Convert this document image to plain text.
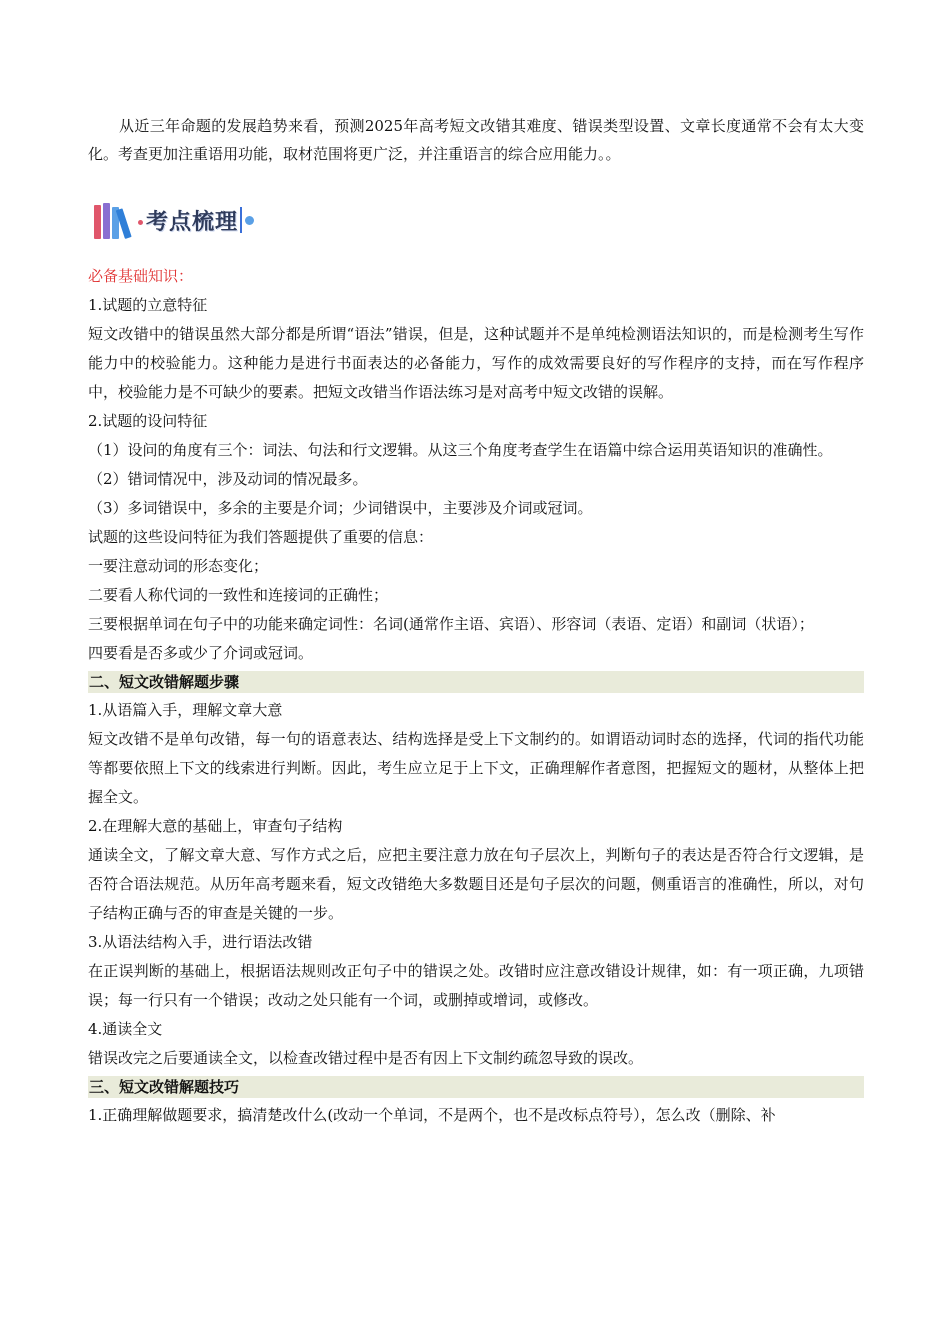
从近三年命题的发展趋势来看，预测2025年高考短文改错其难度、错误类型设置、文章长度通常不会有太大变化。考查更加注重语用功能，取材范围将更广泛，并注重语言的综合应用能力。。

考点梳理

必备基础知识：

1.试题的立意特征

短文改错中的错误虽然大部分都是所谓“语法”错误，但是，这种试题并不是单纯检测语法知识的，而是检测考生写作能力中的校验能力。这种能力是进行书面表达的必备能力，写作的成效需要良好的写作程序的支持，而在写作程序中，校验能力是不可缺少的要素。把短文改错当作语法练习是对高考中短文改错的误解。

2.试题的设问特征

（1）设问的角度有三个：词法、句法和行文逻辑。从这三个角度考查学生在语篇中综合运用英语知识的准确性。

（2）错词情况中，涉及动词的情况最多。

（3）多词错误中，多余的主要是介词；少词错误中，主要涉及介词或冠词。

试题的这些设问特征为我们答题提供了重要的信息：

一要注意动词的形态变化；

二要看人称代词的一致性和连接词的正确性；

三要根据单词在句子中的功能来确定词性：名词(通常作主语、宾语）、形容词（表语、定语）和副词（状语）；

四要看是否多或少了介词或冠词。

二、短文改错解题步骤

1.从语篇入手，理解文章大意

短文改错不是单句改错，每一句的语意表达、结构选择是受上下文制约的。如谓语动词时态的选择，代词的指代功能等都要依照上下文的线索进行判断。因此，考生应立足于上下文，正确理解作者意图，把握短文的题材，从整体上把握全文。

2.在理解大意的基础上，审查句子结构

通读全文，了解文章大意、写作方式之后，应把主要注意力放在句子层次上，判断句子的表达是否符合行文逻辑，是否符合语法规范。从历年高考题来看，短文改错绝大多数题目还是句子层次的问题，侧重语言的准确性，所以，对句子结构正确与否的审查是关键的一步。

3.从语法结构入手，进行语法改错

在正误判断的基础上，根据语法规则改正句子中的错误之处。改错时应注意改错设计规律，如：有一项正确，九项错误；每一行只有一个错误；改动之处只能有一个词，或删掉或增词，或修改。

4.通读全文

错误改完之后要通读全文，以检查改错过程中是否有因上下文制约疏忽导致的误改。

三、短文改错解题技巧

1.正确理解做题要求，搞清楚改什么(改动一个单词，不是两个，也不是改标点符号），怎么改（删除、补
